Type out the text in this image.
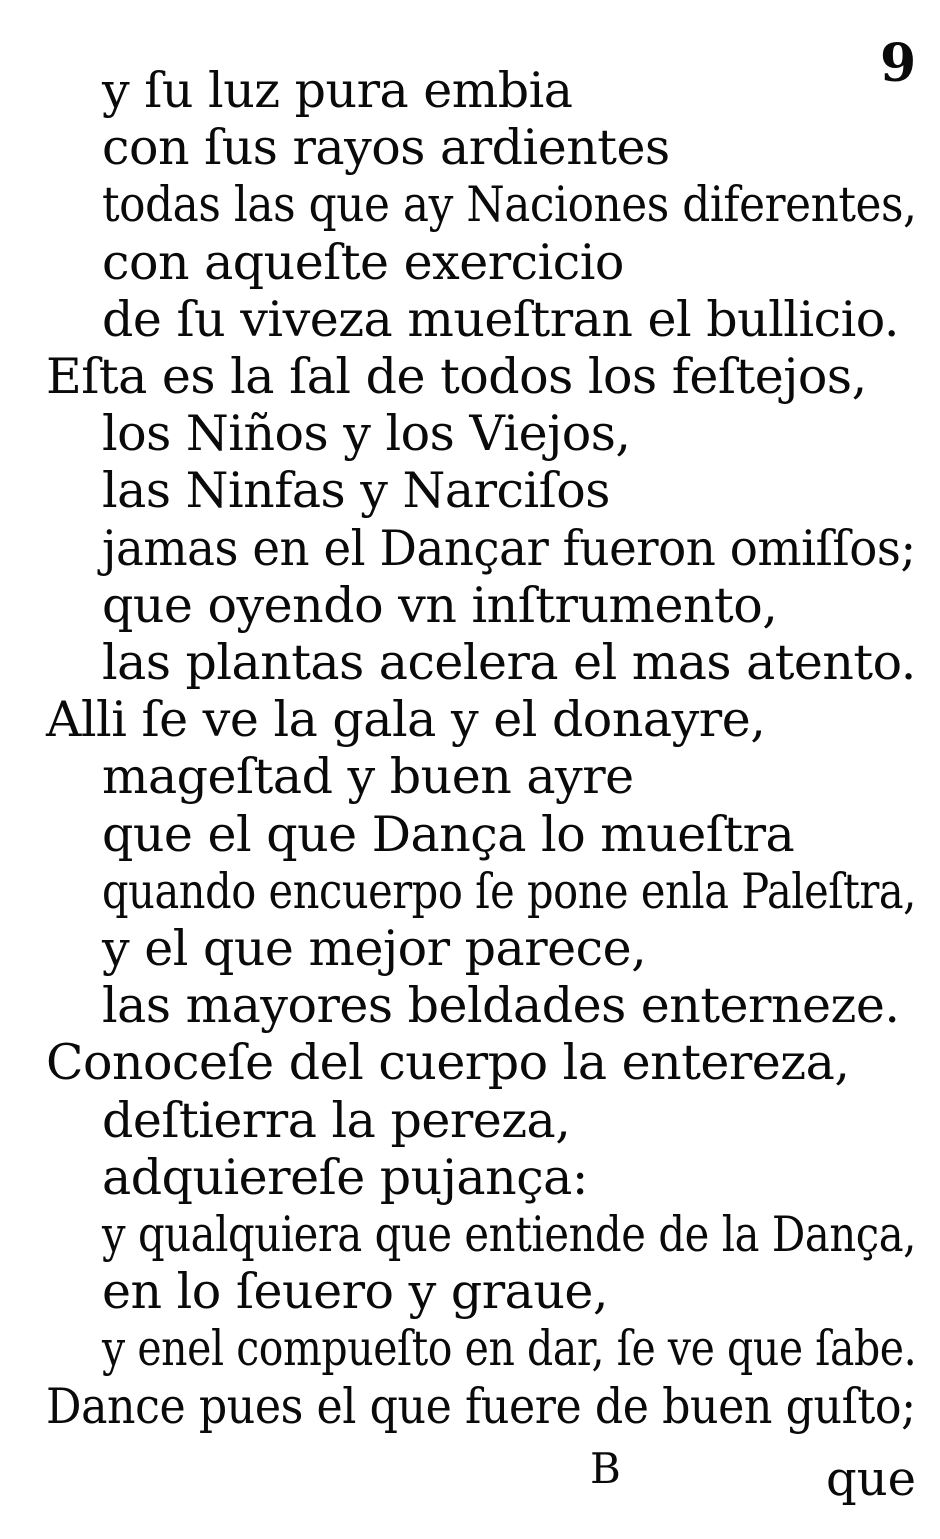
9
y ſu luz pura embia
con ſus rayos ardientes
todas las que ay Naciones diferentes,
con aqueſte exercicio
de ſu viveza mueſtran el bullicio.
Eſta es la ſal de todos los feſtejos,
los Niños y los Viejos,
las Ninfas y Narciſos
jamas en el Dançar fueron omiſſos;
que oyendo vn inſtrumento,
las plantas acelera el mas atento.
Alli ſe ve la gala y el donayre,
mageſtad y buen ayre
que el que Dança lo mueſtra
quando encuerpo ſe pone enla Paleſtra,
y el que mejor parece,
las mayores beldades enterneze.
Conoceſe del cuerpo la entereza,
deſtierra la pereza,
adquiereſe pujança:
y qualquiera que entiende de la Dança,
en lo ſeuero y graue,
y enel compueſto en dar, ſe ve que ſabe.
Dance pues el que fuere de buen guſto;
B	que
